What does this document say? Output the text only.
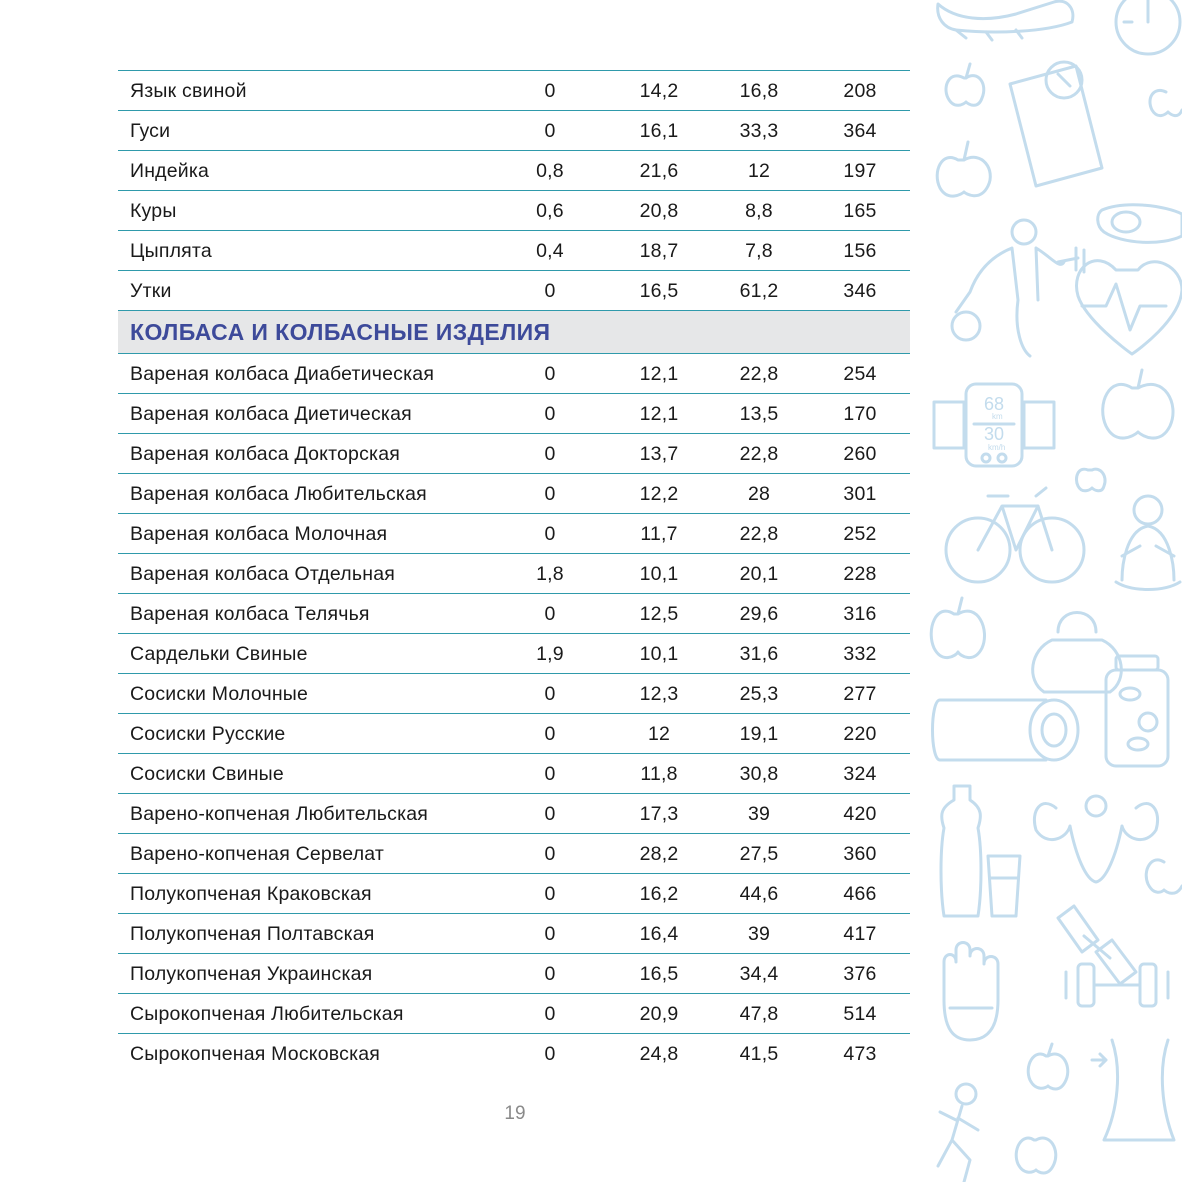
Язык свиной	0	14,2	16,8	208
Гуси	0	16,1	33,3	364
Индейка	0,8	21,6	12	197
Куры	0,6	20,8	8,8	165
Цыплята	0,4	18,7	7,8	156
Утки	0	16,5	61,2	346
КОЛБАСА И КОЛБАСНЫЕ ИЗДЕЛИЯ
Вареная колбаса Диабетическая	0	12,1	22,8	254
Вареная колбаса Диетическая	0	12,1	13,5	170
Вареная колбаса Докторская	0	13,7	22,8	260
Вареная колбаса Любительская	0	12,2	28	301
Вареная колбаса Молочная	0	11,7	22,8	252
Вареная колбаса Отдельная	1,8	10,1	20,1	228
Вареная колбаса Телячья	0	12,5	29,6	316
Сардельки Свиные	1,9	10,1	31,6	332
Сосиски Молочные	0	12,3	25,3	277
Сосиски Русские	0	12	19,1	220
Сосиски Свиные	0	11,8	30,8	324
Варено-копченая Любительская	0	17,3	39	420
Варено-копченая Сервелат	0	28,2	27,5	360
Полукопченая Краковская	0	16,2	44,6	466
Полукопченая Полтавская	0	16,4	39	417
Полукопченая Украинская	0	16,5	34,4	376
Сырокопченая Любительская	0	20,9	47,8	514
Сырокопченая Московская	0	24,8	41,5	473
19
68
km
30
km/h
